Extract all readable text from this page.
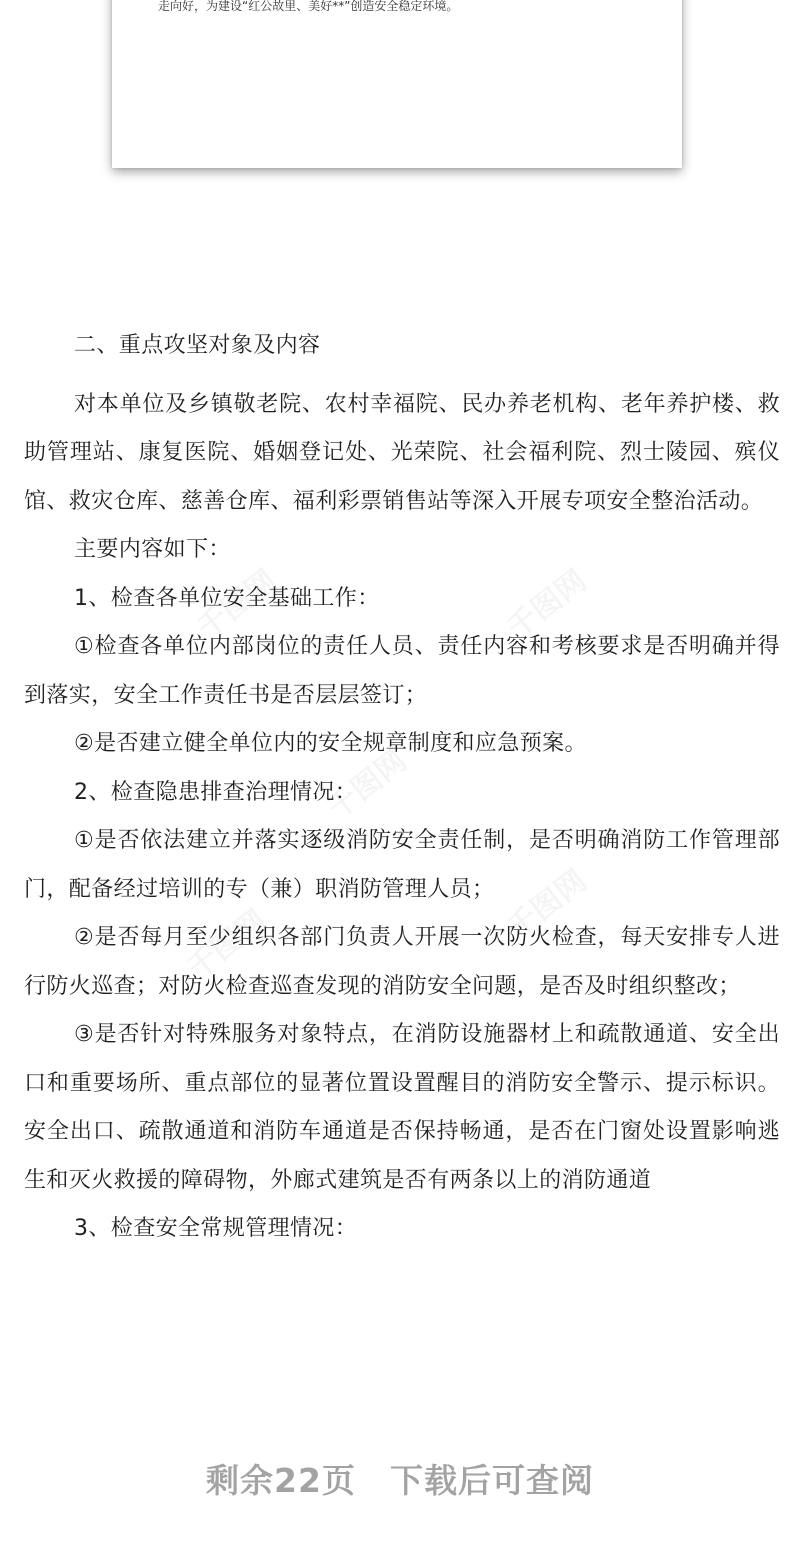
走向好，为建设“红公故里、美好**”创造安全稳定环境。

二、重点攻坚对象及内容

对本单位及乡镇敬老院、农村幸福院、民办养老机构、老年养护楼、救助管理站、康复医院、婚姻登记处、光荣院、社会福利院、烈士陵园、殡仪馆、救灾仓库、慈善仓库、福利彩票销售站等深入开展专项安全整治活动。

主要内容如下：

1、检查各单位安全基础工作：

①检查各单位内部岗位的责任人员、责任内容和考核要求是否明确并得到落实，安全工作责任书是否层层签订；

②是否建立健全单位内的安全规章制度和应急预案。

2、检查隐患排查治理情况：

①是否依法建立并落实逐级消防安全责任制，是否明确消防工作管理部门，配备经过培训的专（兼）职消防管理人员；

②是否每月至少组织各部门负责人开展一次防火检查，每天安排专人进行防火巡查；对防火检查巡查发现的消防安全问题，是否及时组织整改；

③是否针对特殊服务对象特点，在消防设施器材上和疏散通道、安全出口和重要场所、重点部位的显著位置设置醒目的消防安全警示、提示标识。安全出口、疏散通道和消防车通道是否保持畅通，是否在门窗处设置影响逃生和灭火救援的障碍物，外廊式建筑是否有两条以上的消防通道

3、检查安全常规管理情况：

剩余22页　下载后可查阅
